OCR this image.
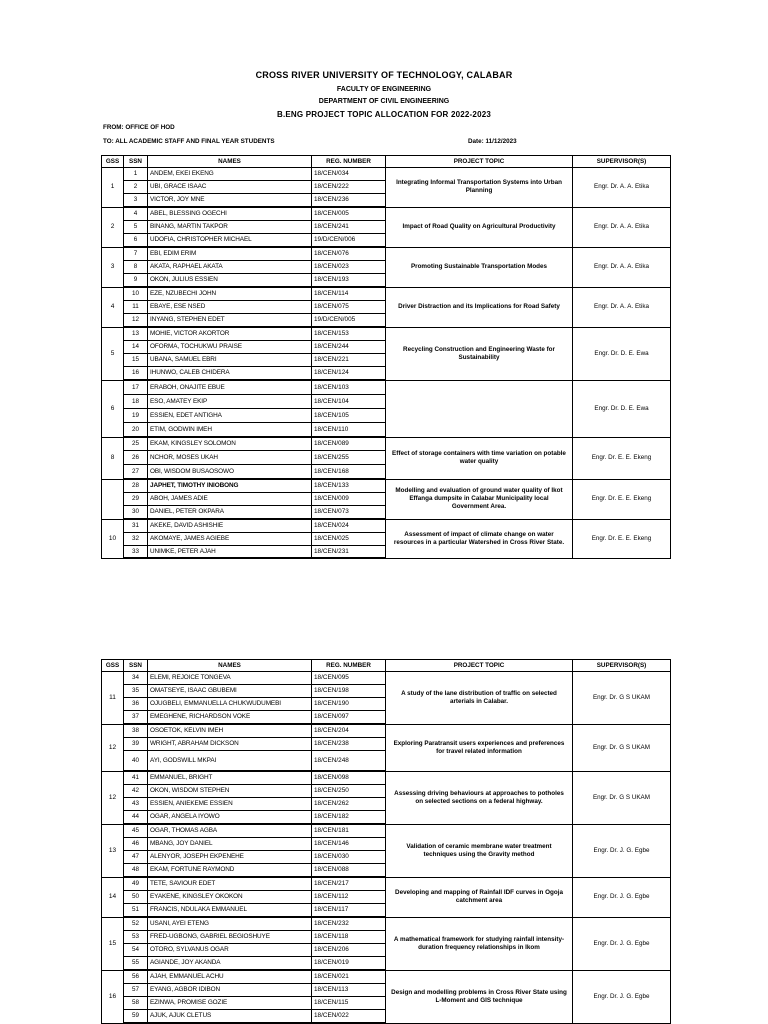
CROSS RIVER UNIVERSITY OF TECHNOLOGY, CALABAR
FACULTY OF ENGINEERING
DEPARTMENT OF CIVIL ENGINEERING
B.ENG PROJECT TOPIC ALLOCATION FOR 2022-2023
FROM: OFFICE OF HOD
TO: ALL ACADEMIC STAFF AND FINAL YEAR STUDENTS	Date: 11/12/2023
GSS	SSN	NAMES	REG. NUMBER	PROJECT TOPIC	SUPERVISOR(S)
1	1	ANDEM, EKEI EKENG	18/CEN/034	Integrating Informal Transportation Systems into Urban Planning	Engr. Dr. A. A. Etika
	2	UBI, GRACE ISAAC	18/CEN/222		
	3	VICTOR, JOY MNE	18/CEN/236		
2	4	ABEL, BLESSING OGECHI	18/CEN/005	Impact of Road Quality on Agricultural Productivity	Engr. Dr. A. A. Etika
	5	BINANG, MARTIN TAKPOR	18/CEN/241		
	6	UDOFIA, CHRISTOPHER MICHAEL	19/D/CEN/006		
3	7	EBI, EDIM ERIM	18/CEN/076	Promoting Sustainable Transportation Modes	Engr. Dr. A. A. Etika
	8	AKATA, RAPHAEL AKATA	18/CEN/023		
	9	OKON, JULIUS ESSIEN	18/CEN/193		
4	10	EZE, NZUBECHI JOHN	18/CEN/114	Driver Distraction and its Implications for Road Safety	Engr. Dr. A. A. Etika
	11	EBAYE, ESE NSED	18/CEN/075		
	12	INYANG, STEPHEN EDET	19/D/CEN/005		
5	13	MOHIE, VICTOR AKORTOR	18/CEN/153	Recycling Construction and Engineering Waste for Sustainability	Engr. Dr. D. E. Ewa
	14	OFORMA, TOCHUKWU PRAISE	18/CEN/244		
	15	UBANA, SAMUEL EBRI	18/CEN/221		
	16	IHUNWO, CALEB CHIDERA	18/CEN/124		
6	17	ERABOH, ONAJITE EBUE	18/CEN/103		Engr. Dr. D. E. Ewa
	18	ESO, AMATEY EKIP	18/CEN/104		
	19	ESSIEN, EDET ANTIGHA	18/CEN/105		
	20	ETIM, GODWIN IMEH	18/CEN/110		
8	25	EKAM, KINGSLEY SOLOMON	18/CEN/089	Effect of storage containers with time variation on potable water quality	Engr. Dr. E. E. Ekeng
	26	NCHOR, MOSES UKAH	18/CEN/255		
	27	OBI, WISDOM BUSAOSOWO	18/CEN/168		
	28	JAPHET, TIMOTHY INIOBONG	18/CEN/133	Modelling and evaluation of ground water quality of Ikot Effanga dumpsite in Calabar Municipality local Government Area.	Engr. Dr. E. E. Ekeng
	29	ABOH, JAMES ADIE	18/CEN/009		
	30	DANIEL, PETER OKPARA	18/CEN/073		
10	31	AKEKE, DAVID ASHISHIE	18/CEN/024	Assessment of impact of climate change on water resources in a particular Watershed in Cross River State.	Engr. Dr. E. E. Ekeng
	32	AKOMAYE, JAMES AGIEBE	18/CEN/025		
	33	UNIMKE, PETER AJAH	18/CEN/231		
GSS	SSN	NAMES	REG. NUMBER	PROJECT TOPIC	SUPERVISOR(S)
11	34	ELEMI, REJOICE TONGEVA	18/CEN/095	A study of the lane distribution of traffic on selected arterials in Calabar.	Engr. Dr. G S UKAM
	35	OMATSEYE, ISAAC GBUBEMI	18/CEN/198		
	36	OJUGBELI, EMMANUELLA CHUKWUDUMEBI	18/CEN/190		
	37	EMEGHENE, RICHARDSON VOKE	18/CEN/097		
12	38	OSOETOK, KELVIN IMEH	18/CEN/204	Exploring Paratransit users experiences and preferences for travel related information	Engr. Dr. G S UKAM
	39	WRIGHT, ABRAHAM DICKSON	18/CEN/238		
	40	AYI, GODSWILL MKPAI	18/CEN/248		
12	41	EMMANUEL, BRIGHT	18/CEN/098	Assessing driving behaviours at approaches to potholes on selected sections on a federal highway.	Engr. Dr. G S UKAM
	42	OKON, WISDOM STEPHEN	18/CEN/250		
	43	ESSIEN, ANIEKEME ESSIEN	18/CEN/262		
	44	OGAR, ANGELA IYOWO	18/CEN/182		
13	45	OGAR, THOMAS AGBA	18/CEN/181	Validation of ceramic membrane water treatment techniques using the Gravity method	Engr. Dr. J. G. Egbe
	46	MBANG, JOY DANIEL	18/CEN/146		
	47	ALENYOR, JOSEPH EKPENEHE	18/CEN/030		
	48	EKAM, FORTUNE RAYMOND	18/CEN/088		
14	49	TETE, SAVIOUR EDET	18/CEN/217	Developing and mapping of Rainfall IDF curves in Ogoja catchment area	Engr. Dr. J. G. Egbe
	50	EYAKENE, KINGSLEY OKOKON	18/CEN/112		
	51	FRANCIS, NDULAKA EMMANUEL	18/CEN/117		
15	52	USANI, AYEI ETENG	18/CEN/232	A mathematical framework for studying rainfall intensity-duration frequency relationships in Ikom	Engr. Dr. J. G. Egbe
	53	FRED-UGBONG, GABRIEL BEGIOSHUYE	18/CEN/118		
	54	OTORO, SYLVANUS OGAR	18/CEN/206		
	55	AGIANDE, JOY AKANDA	18/CEN/019		
16	56	AJAH, EMMANUEL ACHU	18/CEN/021	Design and modelling problems in Cross River State using L-Moment and GIS technique	Engr. Dr. J. G. Egbe
	57	EYANG, AGBOR IDIBON	18/CEN/113		
	58	EZINWA, PROMISE GOZIE	18/CEN/115		
	59	AJUK, AJUK CLETUS	18/CEN/022		
